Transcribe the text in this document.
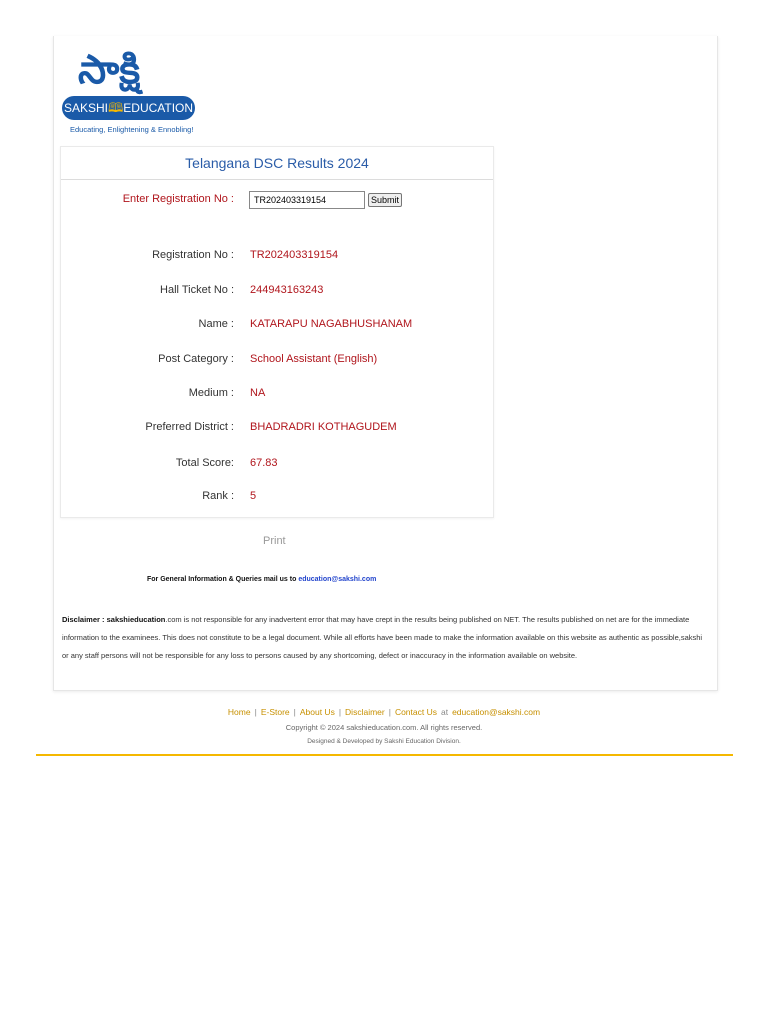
సాక్షి
SAKSHI🕮EDUCATION
Educating, Enlightening & Ennobling!
Telangana DSC Results 2024
Enter Registration No :
TR202403319154	Submit
Registration No : TR202403319154
Hall Ticket No : 244943163243
Name : KATARAPU NAGABHUSHANAM
Post Category : School Assistant (English)
Medium : NA
Preferred District : BHADRADRI KOTHAGUDEM
Total Score: 67.83
Rank : 5
Print
For General Information & Queries mail us to education@sakshi.com
Disclaimer : sakshieducation.com is not responsible for any inadvertent error that may have crept in the results being published on NET. The results published on net are for the immediate information to the examinees. This does not constitute to be a legal document. While all efforts have been made to make the information available on this website as authentic as possible,sakshi or any staff persons will not be responsible for any loss to persons caused by any shortcoming, defect or inaccuracy in the information available on website.
Home | E-Store | About Us | Disclaimer | Contact Us at education@sakshi.com
Copyright © 2024 sakshieducation.com. All rights reserved.
Designed & Developed by Sakshi Education Division.
